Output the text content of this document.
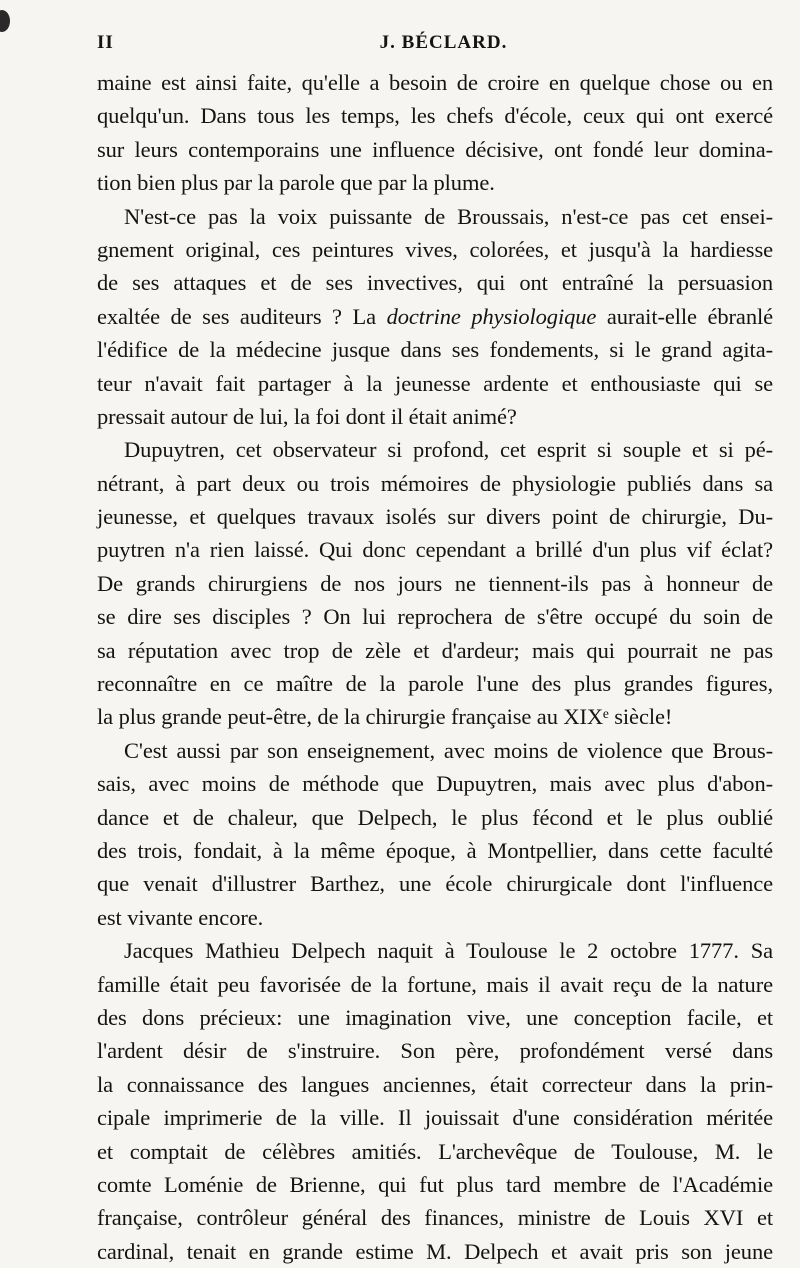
II	J. BÉCLARD.
maine est ainsi faite, qu'elle a besoin de croire en quelque chose ou en
quelqu'un. Dans tous les temps, les chefs d'école, ceux qui ont exercé
sur leurs contemporains une influence décisive, ont fondé leur domina-
tion bien plus par la parole que par la plume.
N'est-ce pas la voix puissante de Broussais, n'est-ce pas cet ensei-
gnement original, ces peintures vives, colorées, et jusqu'à la hardiesse
de ses attaques et de ses invectives, qui ont entraîné la persuasion
exaltée de ses auditeurs ? La doctrine physiologique aurait-elle ébranlé
l'édifice de la médecine jusque dans ses fondements, si le grand agita-
teur n'avait fait partager à la jeunesse ardente et enthousiaste qui se
pressait autour de lui, la foi dont il était animé?
Dupuytren, cet observateur si profond, cet esprit si souple et si pé-
nétrant, à part deux ou trois mémoires de physiologie publiés dans sa
jeunesse, et quelques travaux isolés sur divers point de chirurgie, Du-
puytren n'a rien laissé. Qui donc cependant a brillé d'un plus vif éclat?
De grands chirurgiens de nos jours ne tiennent-ils pas à honneur de
se dire ses disciples ? On lui reprochera de s'être occupé du soin de
sa réputation avec trop de zèle et d'ardeur; mais qui pourrait ne pas
reconnaître en ce maître de la parole l'une des plus grandes figures,
la plus grande peut-être, de la chirurgie française au XIXᵉ siècle!
C'est aussi par son enseignement, avec moins de violence que Brous-
sais, avec moins de méthode que Dupuytren, mais avec plus d'abon-
dance et de chaleur, que Delpech, le plus fécond et le plus oublié
des trois, fondait, à la même époque, à Montpellier, dans cette faculté
que venait d'illustrer Barthez, une école chirurgicale dont l'influence
est vivante encore.
Jacques Mathieu Delpech naquit à Toulouse le 2 octobre 1777. Sa
famille était peu favorisée de la fortune, mais il avait reçu de la nature
des dons précieux: une imagination vive, une conception facile, et
l'ardent désir de s'instruire. Son père, profondément versé dans
la connaissance des langues anciennes, était correcteur dans la prin-
cipale imprimerie de la ville. Il jouissait d'une considération méritée
et comptait de célèbres amitiés. L'archevêque de Toulouse, M. le
comte Loménie de Brienne, qui fut plus tard membre de l'Académie
française, contrôleur général des finances, ministre de Louis XVI et
cardinal, tenait en grande estime M. Delpech et avait pris son jeune
